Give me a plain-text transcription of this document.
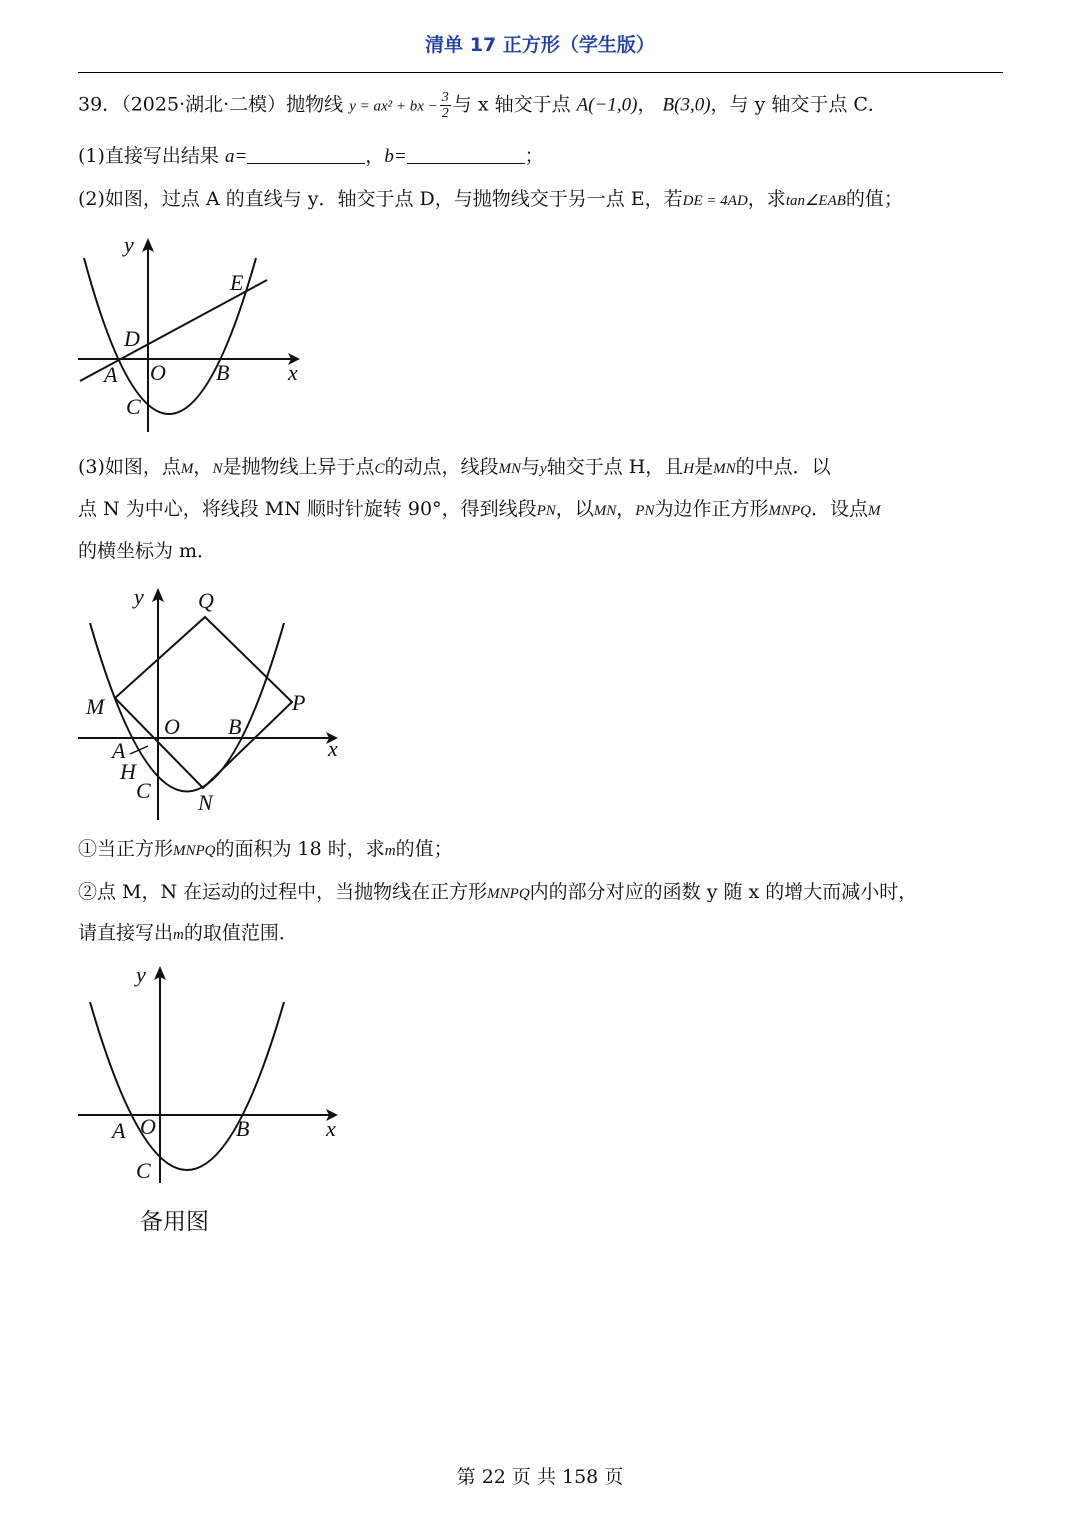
清单 17 正方形（学生版）
39．（2025·湖北·二模）抛物线 y = ax² + bx − $\frac{3}{2}$ 与 x 轴交于点 A(−1,0)， B(3,0)，与 y 轴交于点 C．
(1)直接写出结果 a=	，b=	；
(2)如图，过点 A 的直线与 y．轴交于点 D，与抛物线交于另一点 E，若DE = 4AD，求tan∠EAB的值；
y
x
E
D
A O B
C
(3)如图，点M，N是抛物线上异于点C的动点，线段MN与y轴交于点 H，且H是MN的中点．以
点 N 为中心，将线段 MN 顺时针旋转 90°，得到线段PN，以MN，PN为边作正方形MNPQ．设点M
的横坐标为 m．
y
x
Q
M	P
O B
A
H
C N
①当正方形MNPQ的面积为 18 时，求m的值；
②点 M，N 在运动的过程中，当抛物线在正方形MNPQ内的部分对应的函数 y 随 x 的增大而减小时，
请直接写出m的取值范围．
y
x
A O	B
C
备用图
第 22 页 共 158 页
